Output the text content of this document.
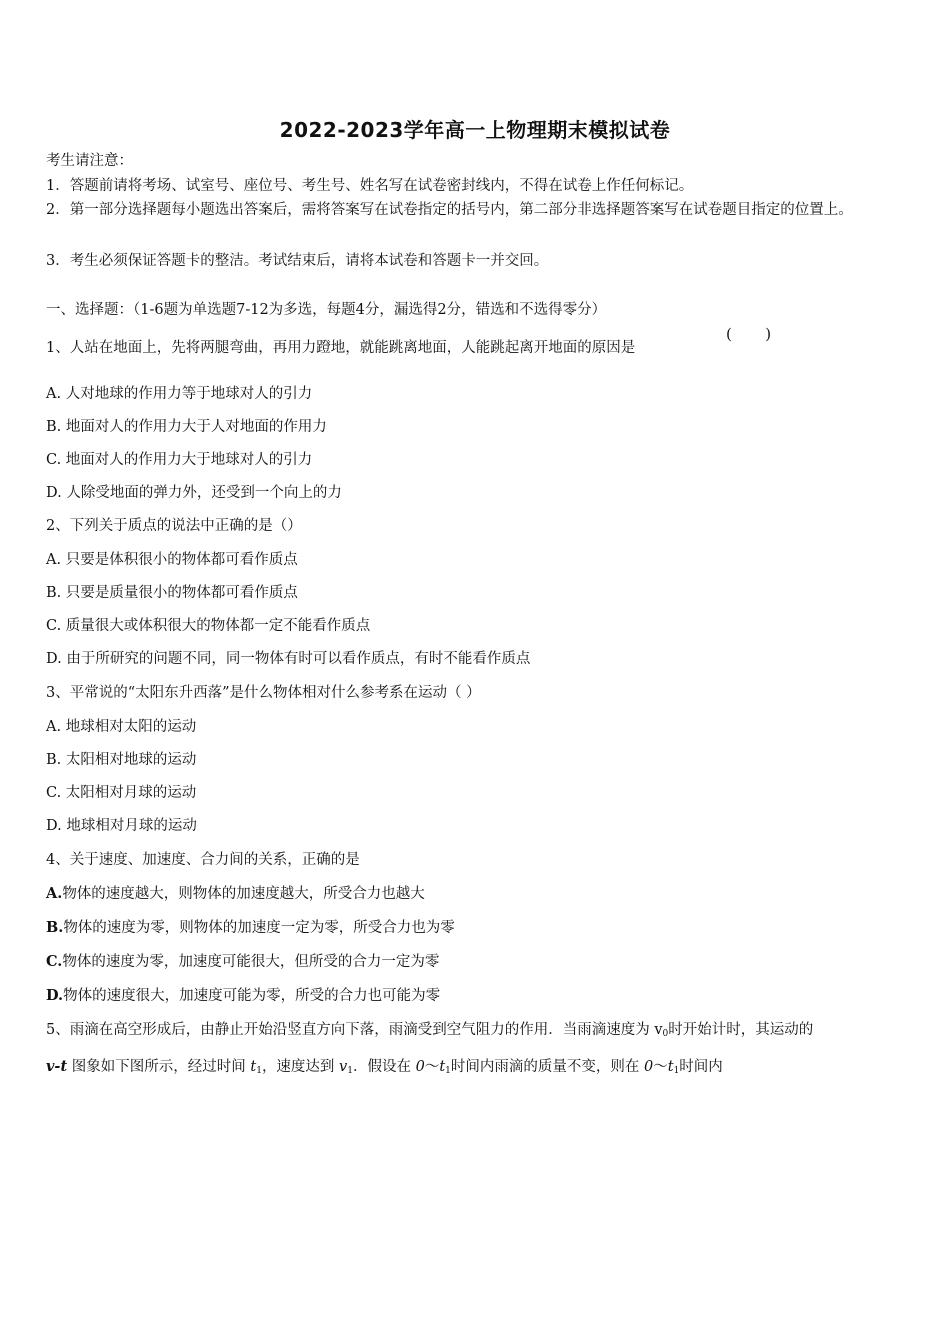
2022-2023学年高一上物理期末模拟试卷
考生请注意：
1．答题前请将考场、试室号、座位号、考生号、姓名写在试卷密封线内，不得在试卷上作任何标记。
2．第一部分选择题每小题选出答案后，需将答案写在试卷指定的括号内，第二部分非选择题答案写在试卷题目指定的位置上。
3．考生必须保证答题卡的整洁。考试结束后，请将本试卷和答题卡一并交回。
一、选择题：（1-6题为单选题7-12为多选，每题4分，漏选得2分，错选和不选得零分）
1、人站在地面上，先将两腿弯曲，再用力蹬地，就能跳离地面，人能跳起离开地面的原因是
(       )
A. 人对地球的作用力等于地球对人的引力
B. 地面对人的作用力大于人对地面的作用力
C. 地面对人的作用力大于地球对人的引力
D. 人除受地面的弹力外，还受到一个向上的力
2、下列关于质点的说法中正确的是（）
A. 只要是体积很小的物体都可看作质点
B. 只要是质量很小的物体都可看作质点
C. 质量很大或体积很大的物体都一定不能看作质点
D. 由于所研究的问题不同，同一物体有时可以看作质点，有时不能看作质点
3、平常说的“太阳东升西落”是什么物体相对什么参考系在运动（ ）
A. 地球相对太阳的运动
B. 太阳相对地球的运动
C. 太阳相对月球的运动
D. 地球相对月球的运动
4、关于速度、加速度、合力间的关系，正确的是
A.物体的速度越大，则物体的加速度越大，所受合力也越大
B.物体的速度为零，则物体的加速度一定为零，所受合力也为零
C.物体的速度为零，加速度可能很大，但所受的合力一定为零
D.物体的速度很大，加速度可能为零，所受的合力也可能为零
5、雨滴在高空形成后，由静止开始沿竖直方向下落，雨滴受到空气阻力的作用．当雨滴速度为 $v_0$时开始计时，其运动的
v-t 图象如下图所示，经过时间 $t_1$，速度达到 $v_1$．假设在 $0\sim t_1$时间内雨滴的质量不变，则在 $0\sim t_1$时间内
